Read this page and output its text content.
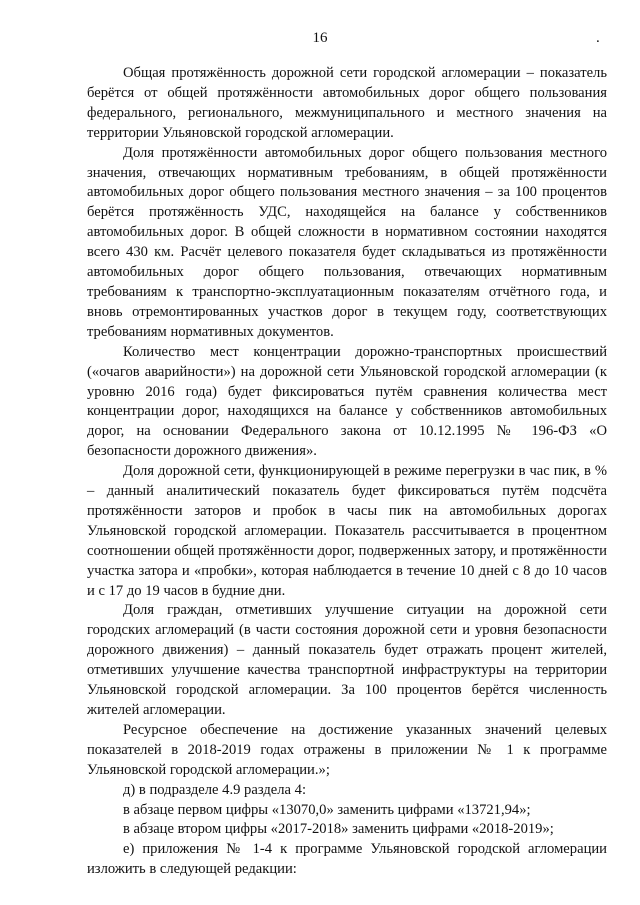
16	.

Общая протяжённость дорожной сети городской агломерации – показатель берётся от общей протяжённости автомобильных дорог общего пользования федерального, регионального, межмуниципального и местного значения на территории Ульяновской городской агломерации.

Доля протяжённости автомобильных дорог общего пользования местного значения, отвечающих нормативным требованиям, в общей протяжённости автомобильных дорог общего пользования местного значения – за 100 процентов берётся протяжённость УДС, находящейся на балансе у собственников автомобильных дорог. В общей сложности в нормативном состоянии находятся всего 430 км. Расчёт целевого показателя будет складываться из протяжённости автомобильных дорог общего пользования, отвечающих нормативным требованиям к транспортно-эксплуатационным показателям отчётного года, и вновь отремонтированных участков дорог в текущем году, соответствующих требованиям нормативных документов.

Количество мест концентрации дорожно-транспортных происшествий («очагов аварийности») на дорожной сети Ульяновской городской агломерации (к уровню 2016 года) будет фиксироваться путём сравнения количества мест концентрации дорог, находящихся на балансе у собственников автомобильных дорог, на основании Федерального закона от 10.12.1995 № 196-ФЗ «О безопасности дорожного движения».

Доля дорожной сети, функционирующей в режиме перегрузки в час пик, в % – данный аналитический показатель будет фиксироваться путём подсчёта протяжённости заторов и пробок в часы пик на автомобильных дорогах Ульяновской городской агломерации. Показатель рассчитывается в процентном соотношении общей протяжённости дорог, подверженных затору, и протяжённости участка затора и «пробки», которая наблюдается в течение 10 дней с 8 до 10 часов и с 17 до 19 часов в будние дни.

Доля граждан, отметивших улучшение ситуации на дорожной сети городских агломераций (в части состояния дорожной сети и уровня безопасности дорожного движения) – данный показатель будет отражать процент жителей, отметивших улучшение качества транспортной инфраструктуры на территории Ульяновской городской агломерации. За 100 процентов берётся численность жителей агломерации.

Ресурсное обеспечение на достижение указанных значений целевых показателей в 2018-2019 годах отражены в приложении № 1 к программе Ульяновской городской агломерации.»;

д) в подразделе 4.9 раздела 4:

в абзаце первом цифры «13070,0» заменить цифрами «13721,94»;

в абзаце втором цифры «2017-2018» заменить цифрами «2018-2019»;

е) приложения № 1-4 к программе Ульяновской городской агломерации изложить в следующей редакции:
